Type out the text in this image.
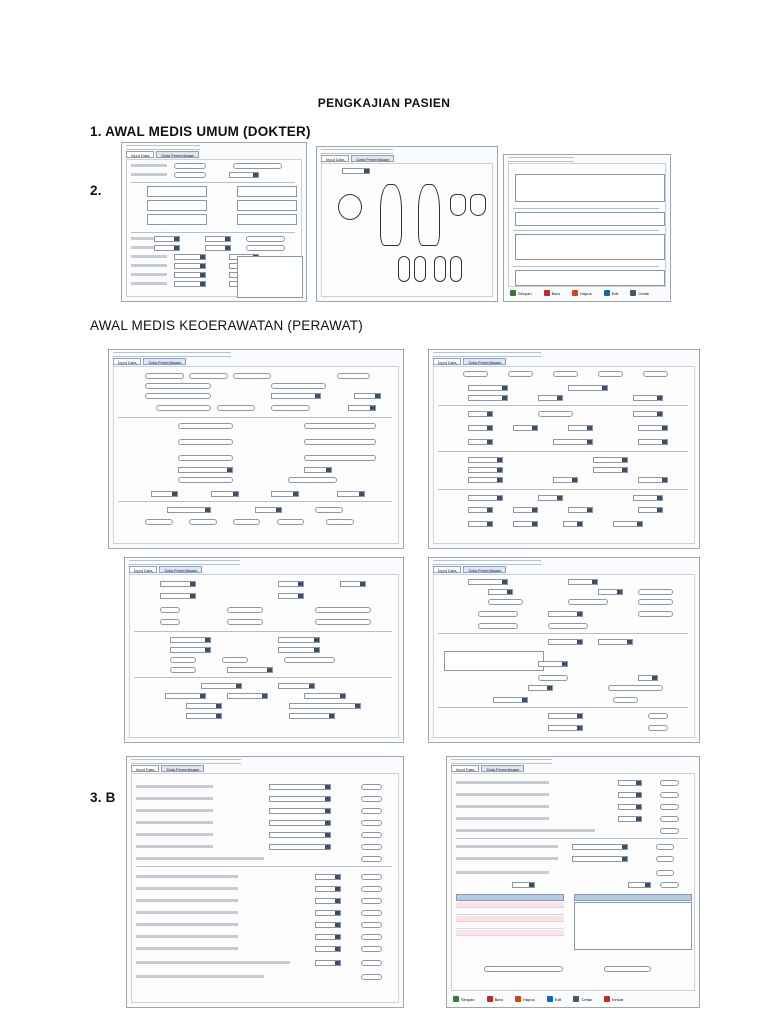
PENGKAJIAN PASIEN
1. AWAL MEDIS UMUM (DOKTER)
2.
AWAL MEDIS KEOERAWATAN (PERAWAT)
3. B
Input Data	Data Pemeriksaan
Input Data	Data Pemeriksaan
Simpan	Baru	Hapus	Edit	Cetak
Input Data	Data Pemeriksaan	Input Data	Data Pemeriksaan
Input Data	Data Pemeriksaan	Input Data	Data Pemeriksaan
Input Data	Data Pemeriksaan	Input Data	Data Pemeriksaan
Simpan	Baru	Hapus	Edit	Cetak	Keluar
